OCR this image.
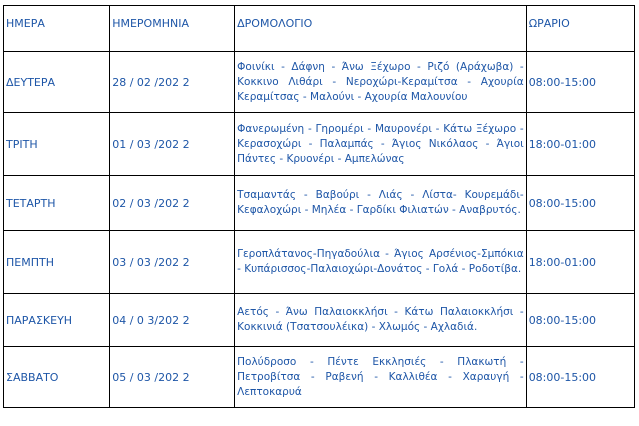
ΗΜΕΡΑ	ΗΜΕΡΟΜΗΝΙΑ	ΔΡΟΜΟΛΟΓΙΟ	ΩΡΑΡΙΟ
ΔΕΥΤΕΡΑ	28 / 02 /202 2	Φοινίκι - Δάφνη - Άνω Ξέχωρο - Ριζό (Αράχωβα) - Κοκκινο Λιθάρι - Νεροχώρι-Κεραμίτσα - Αχουρία Κεραμίτσας - Μαλούνι - Αχουρία Μαλουνίου	08:00-15:00
ΤΡΙΤΗ	01 / 03 /202 2	Φανερωμένη - Γηρομέρι - Μαυρονέρι - Κάτω Ξέχωρο - Κερασοχώρι - Παλαμπάς - Άγιος Νικόλαος - Άγιοι Πάντες - Κρυονέρι - Αμπελώνας	18:00-01:00
ΤΕΤΑΡΤΗ	02 / 03 /202 2	Τσαμαντάς - Βαβούρι - Λιάς - Λίστα- Κουρεμάδι- Κεφαλοχώρι - Μηλέα - Γαρδίκι Φιλιατών - Αναβρυτός.	08:00-15:00
ΠΕΜΠΤΗ	03 / 03 /202 2	Γεροπλάτανος-Πηγαδούλια - Άγιος Αρσένιος-Σμπόκια - Κυπάρισσος-Παλαιοχώρι-Δονάτος - Γολά - Ροδοτίβα.	18:00-01:00
ΠΑΡΑΣΚΕΥΗ	04 / 0 3/202 2	Αετός - Άνω Παλαιοκκλήσι - Κάτω Παλαιοκκλήσι - Κοκκινιά (Τσατσουλέικα) - Χλωμός - Αχλαδιά.	08:00-15:00
ΣΑΒΒΑΤΟ	05 / 03 /202 2	Πολύδροσο - Πέντε Εκκλησιές - Πλακωτή - Πετροβίτσα - Ραβενή - Καλλιθέα - Χαραυγή - Λεπτοκαρυά	08:00-15:00
